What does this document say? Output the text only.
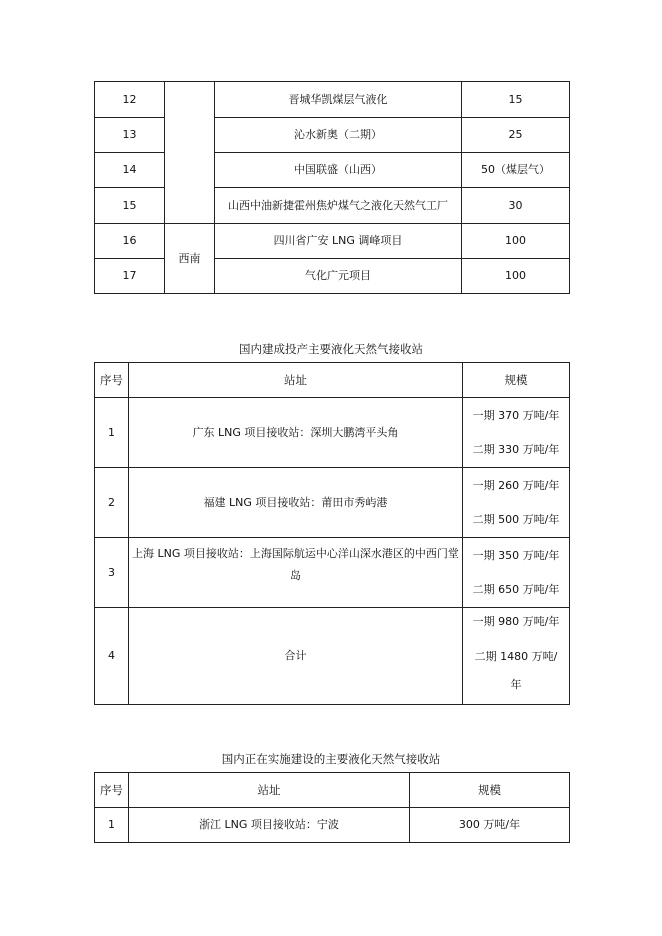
12		晋城华凯煤层气液化	15
13		沁水新奥（二期）	25
14		中国联盛（山西）	50（煤层气）
15		山西中油新捷霍州焦炉煤气之液化天然气工厂	30
16	西南	四川省广安 LNG 调峰项目	100
17		气化广元项目	100
国内建成投产主要液化天然气接收站
序号	站址	规模
1	广东 LNG 项目接收站：深圳大鹏湾平头角	一期 370 万吨/年
二期 330 万吨/年

2	福建 LNG 项目接收站：莆田市秀屿港	一期 260 万吨/年
二期 500 万吨/年

3	上海 LNG 项目接收站：上海国际航运中心洋山深水港区的中西门堂岛	一期 350 万吨/年
二期 650 万吨/年

4	合计	一期 980 万吨/年
二期 1480 万吨/年
国内正在实施建设的主要液化天然气接收站
序号	站址	规模
1	浙江 LNG 项目接收站：宁波	300 万吨/年
